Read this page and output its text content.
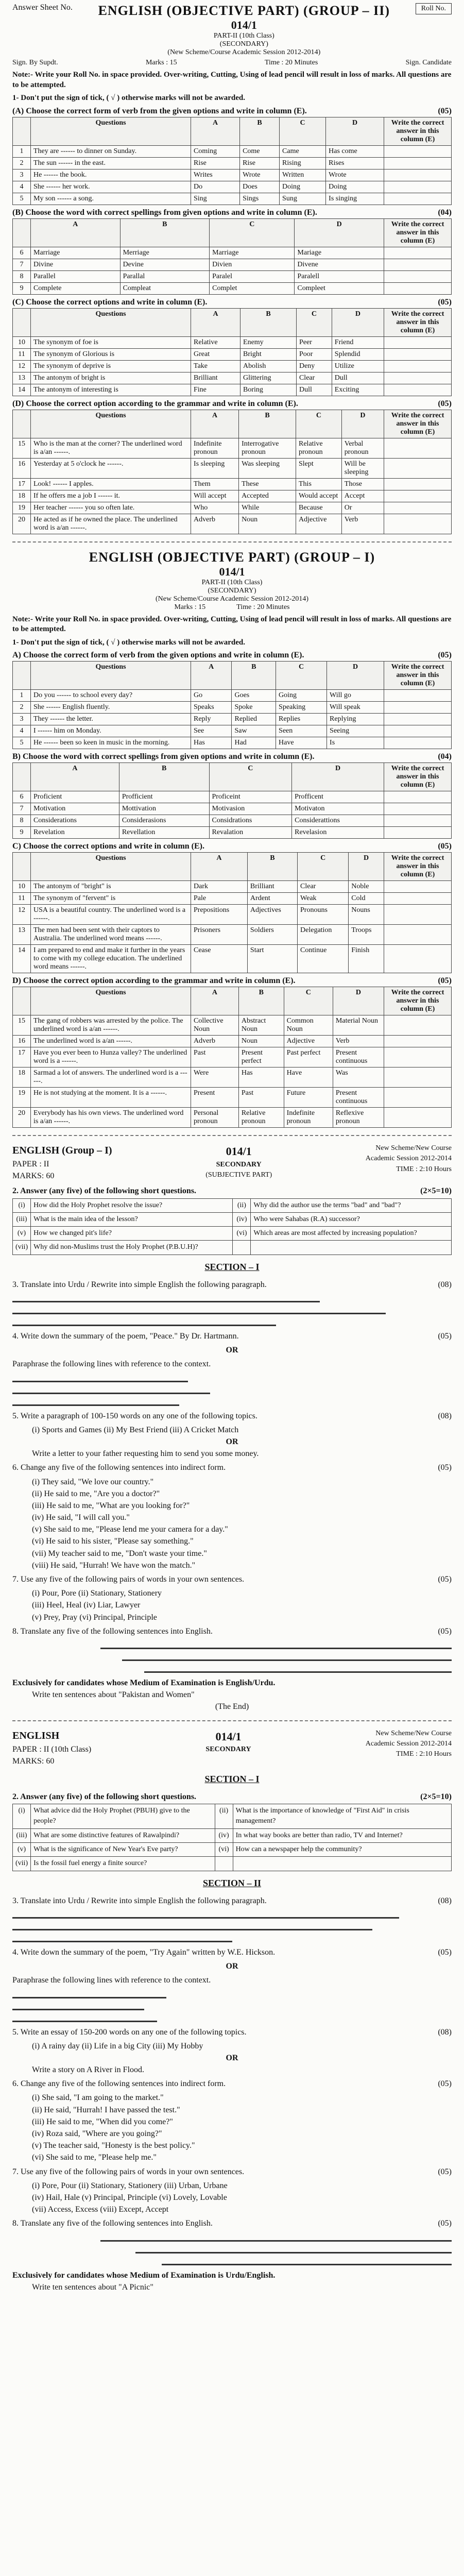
Answer Sheet No.	ENGLISH (OBJECTIVE PART) (GROUP – II)
014/1
PART-II (10th Class)
(SECONDARY)
(New Scheme/Course Academic Session 2012-2014)
Roll No.
Sign. By Supdt.	Marks : 15	Time : 20 Minutes	Sign. Candidate
Note:- Write your Roll No. in space provided. Over-writing, Cutting, Using of lead pencil will result in loss of marks. All questions are to be attempted.
1- Don't put the sign of tick, ( √ ) otherwise marks will not be awarded.
(A) Choose the correct form of verb from the given options and write in column (E).	(05)
	Questions	A	B	C	D	Write the correct answer in this column (E)
1	They are ------ to dinner on Sunday.	Coming	Come	Came	Has come	
2	The sun ------ in the east.	Rise	Rise	Rising	Rises	
3	He ------ the book.	Writes	Wrote	Written	Wrote	
4	She ------ her work.	Do	Does	Doing	Doing	
5	My son ------ a song.	Sing	Sings	Sung	Is singing	
(B) Choose the word with correct spellings from given options and write in column (E).	(04)
	A	B	C	D	Write the correct answer in this column (E)
6	Marriage	Merriage	Marriage	Mariage	
7	Divine	Devine	Divien	Divene	
8	Parallel	Parallal	Paralel	Paralell	
9	Complete	Compleat	Complet	Compleet	
(C) Choose the correct options and write in column (E).	(05)
	Questions	A	B	C	D	Write the correct answer in this column (E)
10	The synonym of foe is	Relative	Enemy	Peer	Friend	
11	The synonym of Glorious is	Great	Bright	Poor	Splendid	
12	The synonym of deprive is	Take	Abolish	Deny	Utilize	
13	The antonym of bright is	Brilliant	Glittering	Clear	Dull	
14	The antonym of interesting is	Fine	Boring	Dull	Exciting	
(D) Choose the correct option according to the grammar and write in column (E).	(05)
	Questions	A	B	C	D	Write the correct answer in this column (E)
15	Who is the man at the corner? The underlined word is a/an ------.	Indefinite pronoun	Interrogative pronoun	Relative pronoun	Verbal pronoun	
16	Yesterday at 5 o'clock he ------.	Is sleeping	Was sleeping	Slept	Will be sleeping	
17	Look! ------ I apples.	Them	These	This	Those	
18	If he offers me a job I ------ it.	Will accept	Accepted	Would accept	Accept	
19	Her teacher ------ you so often late.	Who	While	Because	Or	
20	He acted as if he owned the place. The underlined word is a/an ------.	Adverb	Noun	Adjective	Verb	
ENGLISH (OBJECTIVE PART) (GROUP – I)
014/1
PART-II (10th Class)
(SECONDARY)
(New Scheme/Course Academic Session 2012-2014)
Marks : 15	Time : 20 Minutes
Note:- Write your Roll No. in space provided. Over-writing, Cutting, Using of lead pencil will result in loss of marks. All questions are to be attempted.
1- Don't put the sign of tick, ( √ ) otherwise marks will not be awarded.
A) Choose the correct form of verb from the given options and write in column (E).	(05)
	Questions	A	B	C	D	Write the correct answer in this column (E)
1	Do you ------ to school every day?	Go	Goes	Going	Will go	
2	She ------ English fluently.	Speaks	Spoke	Speaking	Will speak	
3	They ------ the letter.	Reply	Replied	Replies	Replying	
4	I ------ him on Monday.	See	Saw	Seen	Seeing	
5	He ------ been so keen in music in the morning.	Has	Had	Have	Is	
B) Choose the word with correct spellings from given options and write in column (E).	(04)
	A	B	C	D	Write the correct answer in this column (E)
6	Proficient	Profficient	Proficeint	Profficent	
7	Motivation	Mottivation	Motivasion	Motivaton	
8	Considerations	Considerasions	Considrations	Considerattions	
9	Revelation	Revellation	Revalation	Revelasion	
C) Choose the correct options and write in column (E).	(05)
	Questions	A	B	C	D	Write the correct answer in this column (E)
10	The antonym of "bright" is	Dark	Brilliant	Clear	Noble	
11	The synonym of "fervent" is	Pale	Ardent	Weak	Cold	
12	USA is a beautiful country. The underlined word is a ------.	Prepositions	Adjectives	Pronouns	Nouns	
13	The men had been sent with their captors to Australia. The underlined word means ------.	Prisoners	Soldiers	Delegation	Troops	
14	I am prepared to end and make it further in the years to come with my college education. The underlined word means ------.	Cease	Start	Continue	Finish	
D) Choose the correct option according to the grammar and write in column (E).	(05)
	Questions	A	B	C	D	Write the correct answer in this column (E)
15	The gang of robbers was arrested by the police. The underlined word is a/an ------.	Collective Noun	Abstract Noun	Common Noun	Material Noun	
16	The underlined word is a/an ------.	Adverb	Noun	Adjective	Verb	
17	Have you ever been to Hunza valley? The underlined word is a ------.	Past	Present perfect	Past perfect	Present continuous	
18	Sarmad a lot of answers. The underlined word is a ------.	Were	Has	Have	Was	
19	He is not studying at the moment. It is a ------.	Present	Past	Future	Present continuous	
20	Everybody has his own views. The underlined word is a/an ------.	Personal pronoun	Relative pronoun	Indefinite pronoun	Reflexive pronoun	
ENGLISH (Group – I)
PAPER : II
MARKS: 60
014/1
SECONDARY
(SUBJECTIVE PART)
New Scheme/New Course
Academic Session 2012-2014
TIME : 2:10 Hours
2. Answer (any five) of the following short questions.	(2×5=10)
(i)	How did the Holy Prophet resolve the issue?	(ii)	Why did the author use the terms "bad" and "bad"?
(iii)	What is the main idea of the lesson?	(iv)	Who were Sahabas (R.A) successor?
(v)	How we changed pit's life?	(vi)	Which areas are most affected by increasing population?
(vii)	Why did non-Muslims trust the Holy Prophet (P.B.U.H)?		
SECTION – I
3. Translate into Urdu / Rewrite into simple English the following paragraph.	(08)
4. Write down the summary of the poem, "Peace." By Dr. Hartmann.	(05)
OR
Paraphrase the following lines with reference to the context.
5. Write a paragraph of 100-150 words on any one of the following topics.	(08)
(i) Sports and Games (ii) My Best Friend (iii) A Cricket Match
OR
Write a letter to your father requesting him to send you some money.
6. Change any five of the following sentences into indirect form.	(05)
(i) They said, "We love our country."
(ii) He said to me, "Are you a doctor?"
(iii) He said to me, "What are you looking for?"
(iv) He said, "I will call you."
(v) She said to me, "Please lend me your camera for a day."
(vi) He said to his sister, "Please say something."
(vii) My teacher said to me, "Don't waste your time."
(viii) He said, "Hurrah! We have won the match."
7. Use any five of the following pairs of words in your own sentences.	(05)
(i) Pour, Pore (ii) Stationary, Stationery
(iii) Heel, Heal (iv) Liar, Lawyer
(v) Prey, Pray (vi) Principal, Principle
8. Translate any five of the following sentences into English.	(05)
Exclusively for candidates whose Medium of Examination is English/Urdu.
Write ten sentences about "Pakistan and Women"
(The End)
ENGLISH
PAPER : II (10th Class)
MARKS: 60
014/1
SECONDARY
New Scheme/New Course
Academic Session 2012-2014
TIME : 2:10 Hours
SECTION – I
2. Answer (any five) of the following short questions.	(2×5=10)
(i)	What advice did the Holy Prophet (PBUH) give to the people?	(ii)	What is the importance of knowledge of "First Aid" in crisis management?
(iii)	What are some distinctive features of Rawalpindi?	(iv)	In what way books are better than radio, TV and Internet?
(v)	What is the significance of New Year's Eve party?	(vi)	How can a newspaper help the community?
(vii)	Is the fossil fuel energy a finite source?		
SECTION – II
3. Translate into Urdu / Rewrite into simple English the following paragraph.	(08)
4. Write down the summary of the poem, "Try Again" written by W.E. Hickson.	(05)
OR
Paraphrase the following lines with reference to the context.
5. Write an essay of 150-200 words on any one of the following topics.	(08)
(i) A rainy day (ii) Life in a big City (iii) My Hobby
OR
Write a story on A River in Flood.
6. Change any five of the following sentences into indirect form.	(05)
(i) She said, "I am going to the market."
(ii) He said, "Hurrah! I have passed the test."
(iii) He said to me, "When did you come?"
(iv) Roza said, "Where are you going?"
(v) The teacher said, "Honesty is the best policy."
(vi) She said to me, "Please help me."
7. Use any five of the following pairs of words in your own sentences.	(05)
(i) Pore, Pour (ii) Stationary, Stationery (iii) Urban, Urbane
(iv) Hail, Hale (v) Principal, Principle (vi) Lovely, Lovable
(vii) Access, Excess (viii) Except, Accept
8. Translate any five of the following sentences into English.	(05)
Exclusively for candidates whose Medium of Examination is Urdu/English.
Write ten sentences about "A Picnic"
